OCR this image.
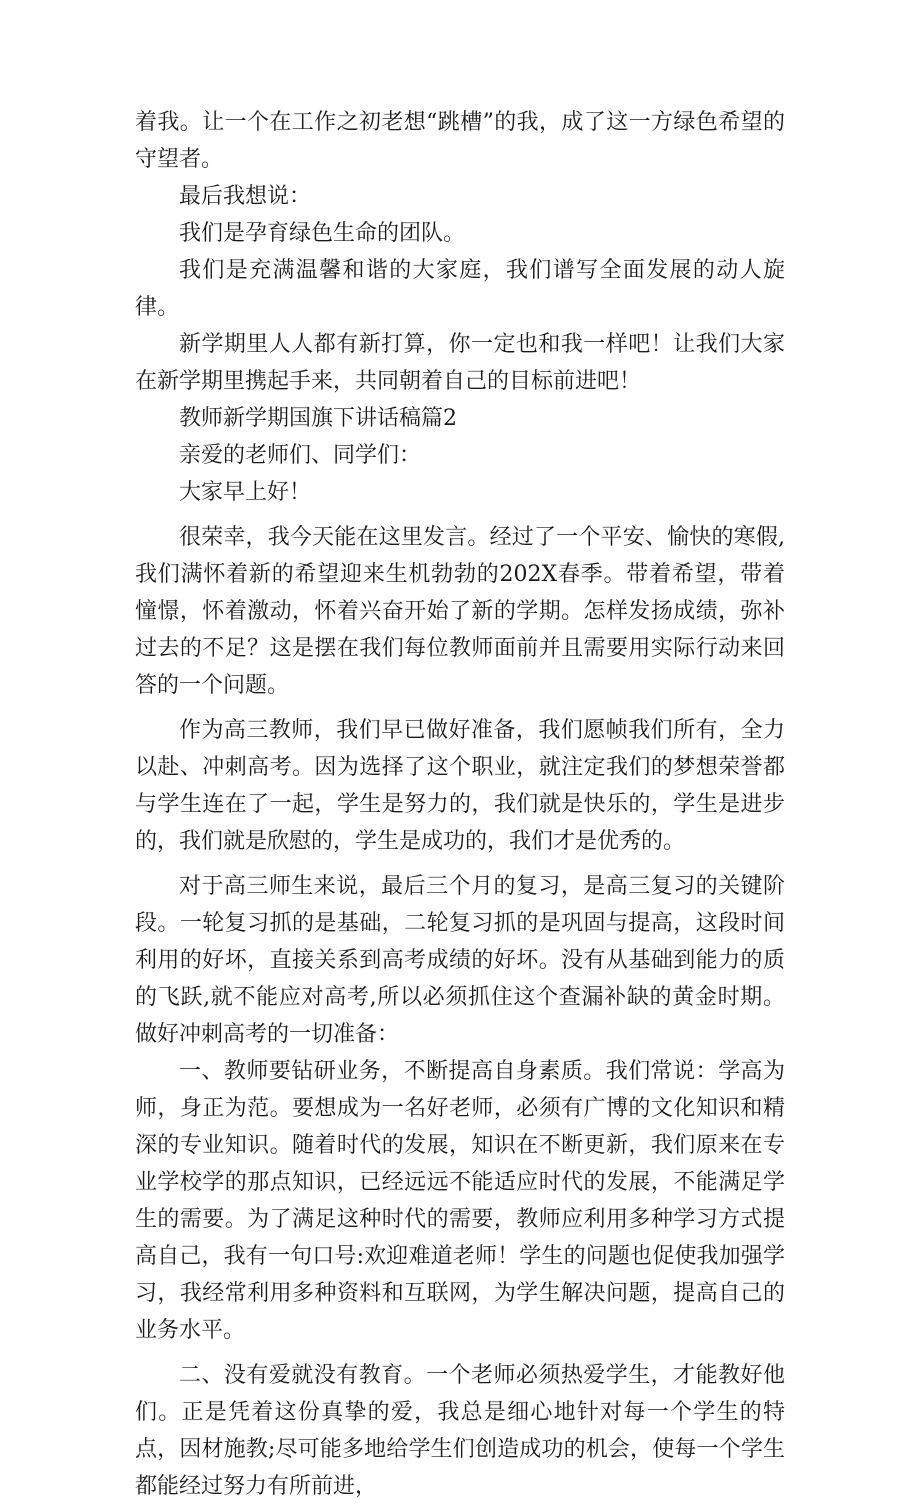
着我。让一个在工作之初老想“跳槽”的我，成了这一方绿色希望的守望者。

最后我想说：

我们是孕育绿色生命的团队。

我们是充满温馨和谐的大家庭，我们谱写全面发展的动人旋律。

新学期里人人都有新打算，你一定也和我一样吧！让我们大家在新学期里携起手来，共同朝着自己的目标前进吧！

教师新学期国旗下讲话稿篇2

亲爱的老师们、同学们：

大家早上好！

很荣幸，我今天能在这里发言。经过了一个平安、愉快的寒假,我们满怀着新的希望迎来生机勃勃的202X春季。带着希望，带着憧憬，怀着激动，怀着兴奋开始了新的学期。怎样发扬成绩，弥补过去的不足？这是摆在我们每位教师面前并且需要用实际行动来回答的一个问题。

作为高三教师，我们早已做好准备，我们愿帧我们所有，全力以赴、冲刺高考。因为选择了这个职业，就注定我们的梦想荣誉都与学生连在了一起，学生是努力的，我们就是快乐的，学生是进步的，我们就是欣慰的，学生是成功的，我们才是优秀的。

对于高三师生来说，最后三个月的复习，是高三复习的关键阶段。一轮复习抓的是基础，二轮复习抓的是巩固与提高，这段时间利用的好坏，直接关系到高考成绩的好坏。没有从基础到能力的质的飞跃,就不能应对高考,所以必须抓住这个查漏补缺的黄金时期。做好冲刺高考的一切准备：

一、教师要钻研业务，不断提高自身素质。我们常说：学高为师，身正为范。要想成为一名好老师，必须有广博的文化知识和精深的专业知识。随着时代的发展，知识在不断更新，我们原来在专业学校学的那点知识，已经远远不能适应时代的发展，不能满足学生的需要。为了满足这种时代的需要，教师应利用多种学习方式提高自己，我有一句口号:欢迎难道老师！学生的问题也促使我加强学习，我经常利用多种资料和互联网，为学生解决问题，提高自己的业务水平。

二、没有爱就没有教育。一个老师必须热爱学生，才能教好他们。正是凭着这份真挚的爱，我总是细心地针对每一个学生的特点，因材施教;尽可能多地给学生们创造成功的机会，使每一个学生都能经过努力有所前进，
